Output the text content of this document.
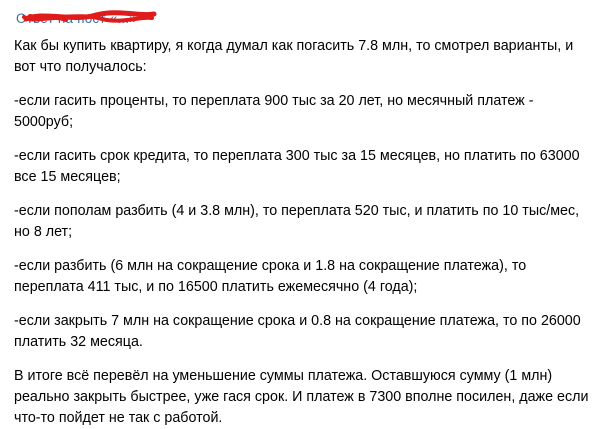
Ответ на пост «...»

Как бы купить квартиру, я когда думал как погасить 7.8 млн, то смотрел варианты, и вот что получалось:

-если гасить проценты, то переплата 900 тыс за 20 лет, но месячный платеж - 5000руб;

-если гасить срок кредита, то переплата 300 тыс за 15 месяцев, но платить по 63000 все 15 месяцев;

-если пополам разбить (4 и 3.8 млн), то переплата 520 тыс, и платить по 10 тыс/мес, но 8 лет;

-если разбить (6 млн на сокращение срока и 1.8 на сокращение платежа), то переплата 411 тыс, и по 16500 платить ежемесячно (4 года);

-если закрыть 7 млн на сокращение срока и 0.8 на сокращение платежа, то по 26000 платить 32 месяца.

В итоге всё перевёл на уменьшение суммы платежа. Оставшуюся сумму (1 млн) реально закрыть быстрее, уже гася срок. И платеж в 7300 вполне посилен, даже если что-то пойдет не так с работой.
